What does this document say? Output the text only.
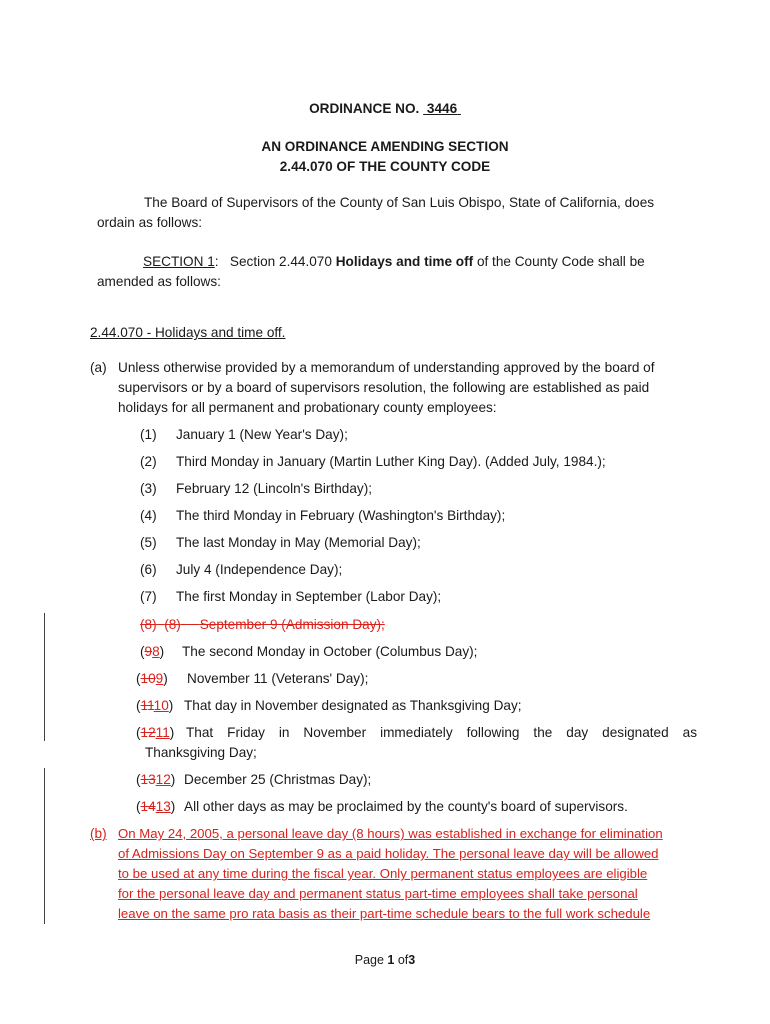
ORDINANCE NO. 3446
AN ORDINANCE AMENDING SECTION
2.44.070 OF THE COUNTY CODE
The Board of Supervisors of the County of San Luis Obispo, State of California, does
ordain as follows:
SECTION 1: Section 2.44.070 Holidays and time off of the County Code shall be
amended as follows:
2.44.070 - Holidays and time off.
(a) Unless otherwise provided by a memorandum of understanding approved by the board of
supervisors or by a board of supervisors resolution, the following are established as paid
holidays for all permanent and probationary county employees:
(1) January 1 (New Year's Day);
(2) Third Monday in January (Martin Luther King Day). (Added July, 1984.);
(3) February 12 (Lincoln's Birthday);
(4) The third Monday in February (Washington's Birthday);
(5) The last Monday in May (Memorial Day);
(6) July 4 (Independence Day);
(7) The first Monday in September (Labor Day);
(8) (8) September 9 (Admission Day);
(98) The second Monday in October (Columbus Day);
(109) November 11 (Veterans' Day);
(1110) That day in November designated as Thanksgiving Day;
(1211) That Friday in November immediately following the day designated as
Thanksgiving Day;
(1312) December 25 (Christmas Day);
(1413) All other days as may be proclaimed by the county's board of supervisors.
(b) On May 24, 2005, a personal leave day (8 hours) was established in exchange for elimination
of Admissions Day on September 9 as a paid holiday. The personal leave day will be allowed
to be used at any time during the fiscal year. Only permanent status employees are eligible
for the personal leave day and permanent status part-time employees shall take personal
leave on the same pro rata basis as their part-time schedule bears to the full work schedule
Page 1 of3
